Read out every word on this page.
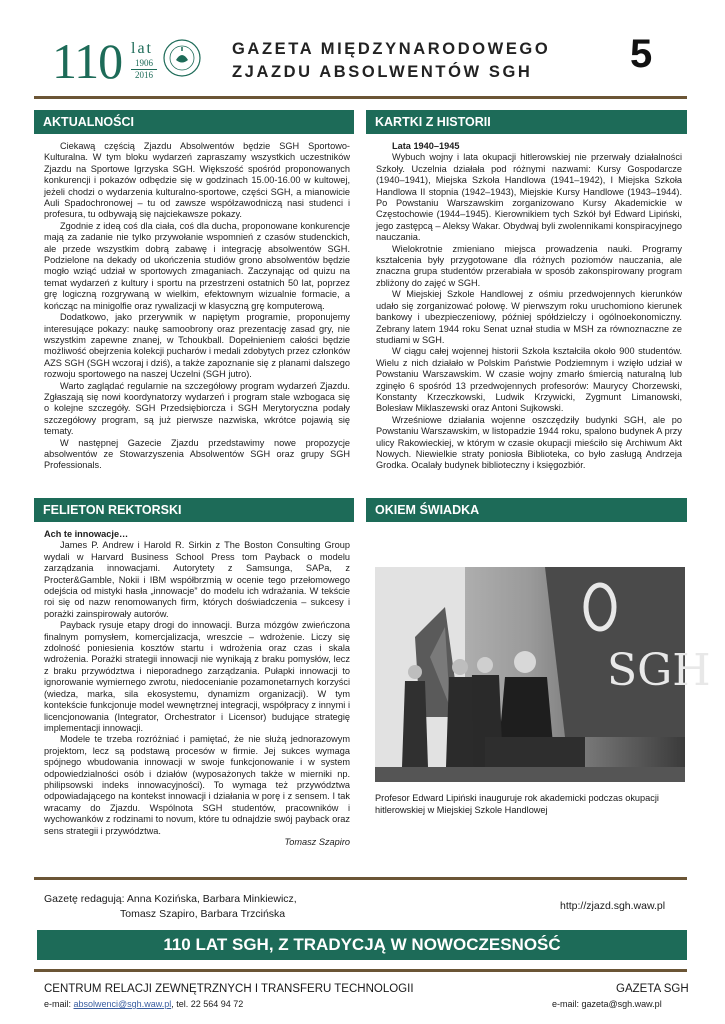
110 lat
1906
2016
GAZETA MIĘDZYNARODOWEGO
ZJAZDU ABSOLWENTÓW SGH	5
AKTUALNOŚCI	KARTKI Z HISTORII
FELIETON REKTORSKI	OKIEM ŚWIADKA

Ciekawą częścią Zjazdu Absolwentów będzie SGH Sportowo-Kulturalna. W tym bloku wydarzeń zapraszamy wszystkich uczestników Zjazdu na Sportowe Igrzyska SGH. Większość spośród proponowanych konkurencji i pokazów odbędzie się w godzinach 15.00-16.00 w kultowej, jeżeli chodzi o wydarzenia kulturalno-sportowe, części SGH, a mianowicie Auli Spadochronowej – tu od zawsze współzawodniczą nasi studenci i profesura, tu odbywają się najciekawsze pokazy.

Zgodnie z ideą coś dla ciała, coś dla ducha, proponowane konkurencje mają za zadanie nie tylko przywołanie wspomnień z czasów studenckich, ale przede wszystkim dobrą zabawę i integrację absolwentów SGH. Podzielone na dekady od ukończenia studiów grono absolwentów będzie mogło wziąć udział w sportowych zmaganiach. Zaczynając od quizu na temat wydarzeń z kultury i sportu na przestrzeni ostatnich 50 lat, poprzez grę logiczną rozgrywaną w wielkim, efektownym wizualnie formacie, a kończąc na minigolfie oraz rywalizacji w klasyczną grę komputerową.

Dodatkowo, jako przerywnik w napiętym programie, proponujemy interesujące pokazy: naukę samoobrony oraz prezentację zasad gry, nie wszystkim zapewne znanej, w Tchoukball. Dopełnieniem całości będzie możliwość obejrzenia kolekcji pucharów i medali zdobytych przez członków AZS SGH (SGH wczoraj i dziś), a także zapoznanie się z planami dalszego rozwoju sportowego na naszej Uczelni (SGH jutro).

Warto zaglądać regularnie na szczegółowy program wydarzeń Zjazdu. Zgłaszają się nowi koordynatorzy wydarzeń i program stale wzbogaca się o kolejne szczegóły. SGH Przedsiębiorcza i SGH Merytoryczna podały szczegółowy program, są już pierwsze nazwiska, wkrótce pojawią się tematy.

W następnej Gazecie Zjazdu przedstawimy nowe propozycje absolwentów ze Stowarzyszenia Absolwentów SGH oraz grupy SGH Professionals.

Lata 1940–1945

Wybuch wojny i lata okupacji hitlerowskiej nie przerwały działalności Szkoły. Uczelnia działała pod różnymi nazwami: Kursy Gospodarcze (1940–1941), Miejska Szkoła Handlowa (1941–1942), I Miejska Szkoła Handlowa II stopnia (1942–1943), Miejskie Kursy Handlowe (1943–1944). Po Powstaniu Warszawskim zorganizowano Kursy Akademickie w Częstochowie (1944–1945). Kierownikiem tych Szkół był Edward Lipiński, jego zastępcą – Aleksy Wakar. Obydwaj byli zwolennikami konspiracyjnego nauczania.

Wielokrotnie zmieniano miejsca prowadzenia nauki. Programy kształcenia były przygotowane dla różnych poziomów nauczania, ale znaczna grupa studentów przerabiała w sposób zakonspirowany program zbliżony do zajęć w SGH.

W Miejskiej Szkole Handlowej z ośmiu przedwojennych kierunków udało się zorganizować połowę. W pierwszym roku uruchomiono kierunek bankowy i ubezpieczeniowy, później spółdzielczy i ogólnoekonomiczny. Zebrany latem 1944 roku Senat uznał studia w MSH za równoznaczne ze studiami w SGH.

W ciągu całej wojennej historii Szkoła kształciła około 900 studentów. Wielu z nich działało w Polskim Państwie Podziemnym i wzięło udział w Powstaniu Warszawskim. W czasie wojny zmarło śmiercią naturalną lub zginęło 6 spośród 13 przedwojennych profesorów: Maurycy Chorzewski, Konstanty Krzeczkowski, Ludwik Krzywicki, Zygmunt Limanowski, Bolesław Miklaszewski oraz Antoni Sujkowski.

Wrześniowe działania wojenne oszczędziły budynki SGH, ale po Powstaniu Warszawskim, w listopadzie 1944 roku, spalono budynek A przy ulicy Rakowieckiej, w którym w czasie okupacji mieściło się Archiwum Akt Nowych. Niewielkie straty poniosła Biblioteka, co było zasługą Andrzeja Grodka. Ocalały budynek biblioteczny i księgozbiór.

Ach te innowacje…

James P. Andrew i Harold R. Sirkin z The Boston Consulting Group wydali w Harvard Business School Press tom Payback o modelu zarządzania innowacjami. Autorytety z Samsunga, SAPa, z Procter&Gamble, Nokii i IBM współbrzmią w ocenie tego przełomowego odejścia od mistyki hasła „innowacje” do modelu ich wdrażania. W tekście roi się od nazw renomowanych firm, których doświadczenia – sukcesy i porażki zainspirowały autorów.

Payback rysuje etapy drogi do innowacji. Burza mózgów zwieńczona finalnym pomysłem, komercjalizacja, wreszcie – wdrożenie. Liczy się zdolność poniesienia kosztów startu i wdrożenia oraz czas i skala wdrożenia. Porażki strategii innowacji nie wynikają z braku pomysłów, lecz z braku przywództwa i nieporadnego zarządzania. Pułapki innowacji to ignorowanie wymiernego zwrotu, niedocenianie pozamonetarnych korzyści (wiedza, marka, sila ekosystemu, dynamizm organizacji). W tym kontekście funkcjonuje model wewnętrznej integracji, współpracy z innymi i licencjonowania (Integrator, Orchestrator i Licensor) budujące strategię implementacji innowacji.

Modele te trzeba rozróżniać i pamiętać, że nie służą jednorazowym projektom, lecz są podstawą procesów w firmie. Jej sukces wymaga spójnego wbudowania innowacji w swoje funkcjonowanie i w system odpowiedzialności osób i działów (wyposażonych także w mierniki np. philipsowski indeks innowacyjności). To wymaga też przywództwa odpowiadającego na kontekst innowacji i działania w porę i z sensem. I tak wracamy do Zjazdu. Wspólnota SGH studentów, pracowników i wychowanków z rodzinami to novum, które tu odnajdzie swój payback oraz sens strategii i przywództwa.

Tomasz Szapiro

SGH
Profesor Edward Lipiński inauguruje rok akademicki podczas okupacji hitlerowskiej w Miejskiej Szkole Handlowej
Gazetę redagują: Anna Kozińska, Barbara Minkiewicz,
Tomasz Szapiro, Barbara Trzcińska
http://zjazd.sgh.waw.pl
110 LAT SGH, Z TRADYCJĄ W NOWOCZESNOŚĆ
CENTRUM RELACJI ZEWNĘTRZNYCH I TRANSFERU TECHNOLOGII	GAZETA SGH
e-mail: absolwenci@sgh.waw.pl, tel. 22 564 94 72	e-mail: gazeta@sgh.waw.pl
